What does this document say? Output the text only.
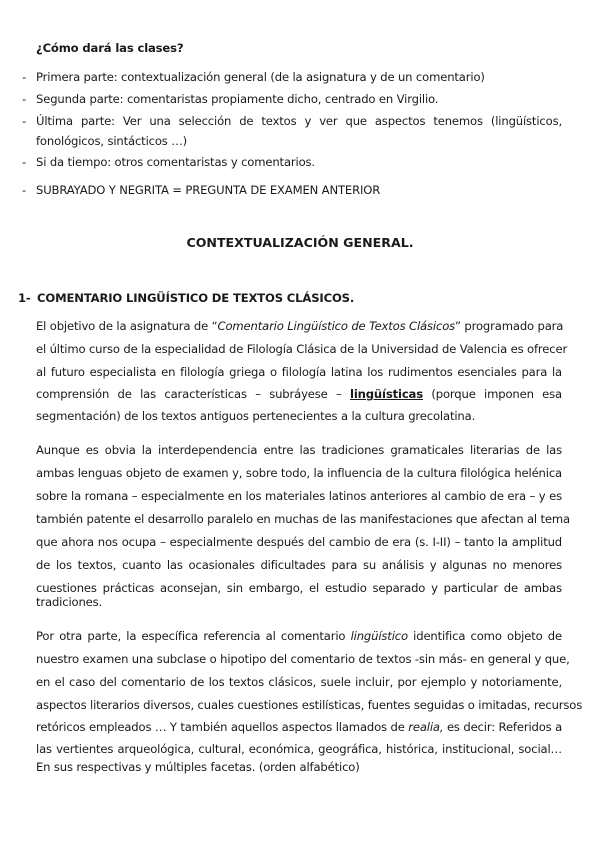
¿Cómo dará las clases?
- Primera parte: contextualización general (de la asignatura y de un comentario)
- Segunda parte: comentaristas propiamente dicho, centrado en Virgilio.
- Última parte: Ver una selección de textos y ver que aspectos tenemos (lingüísticos,
fonológicos, sintácticos …)
- Si da tiempo: otros comentaristas y comentarios.
- SUBRAYADO Y NEGRITA = PREGUNTA DE EXAMEN ANTERIOR
CONTEXTUALIZACIÓN GENERAL.
1- COMENTARIO LINGÜÍSTICO DE TEXTOS CLÁSICOS.
El objetivo de la asignatura de “Comentario Lingüístico de Textos Clásicos” programado para
el último curso de la especialidad de Filología Clásica de la Universidad de Valencia es ofrecer
al futuro especialista en filología griega o filología latina los rudimentos esenciales para la
comprensión de las características – subráyese – lingüísticas (porque imponen esa
segmentación) de los textos antiguos pertenecientes a la cultura grecolatina.
Aunque es obvia la interdependencia entre las tradiciones gramaticales literarias de las
ambas lenguas objeto de examen y, sobre todo, la influencia de la cultura filológica helénica
sobre la romana – especialmente en los materiales latinos anteriores al cambio de era – y es
también patente el desarrollo paralelo en muchas de las manifestaciones que afectan al tema
que ahora nos ocupa – especialmente después del cambio de era (s. I-II) – tanto la amplitud
de los textos, cuanto las ocasionales dificultades para su análisis y algunas no menores
cuestiones prácticas aconsejan, sin embargo, el estudio separado y particular de ambas
tradiciones.
Por otra parte, la específica referencia al comentario lingüístico identifica como objeto de
nuestro examen una subclase o hipotipo del comentario de textos -sin más- en general y que,
en el caso del comentario de los textos clásicos, suele incluir, por ejemplo y notoriamente,
aspectos literarios diversos, cuales cuestiones estilísticas, fuentes seguidas o imitadas, recursos
retóricos empleados … Y también aquellos aspectos llamados de realia, es decir: Referidos a
las vertientes arqueológica, cultural, económica, geográfica, histórica, institucional, social…
En sus respectivas y múltiples facetas. (orden alfabético)
